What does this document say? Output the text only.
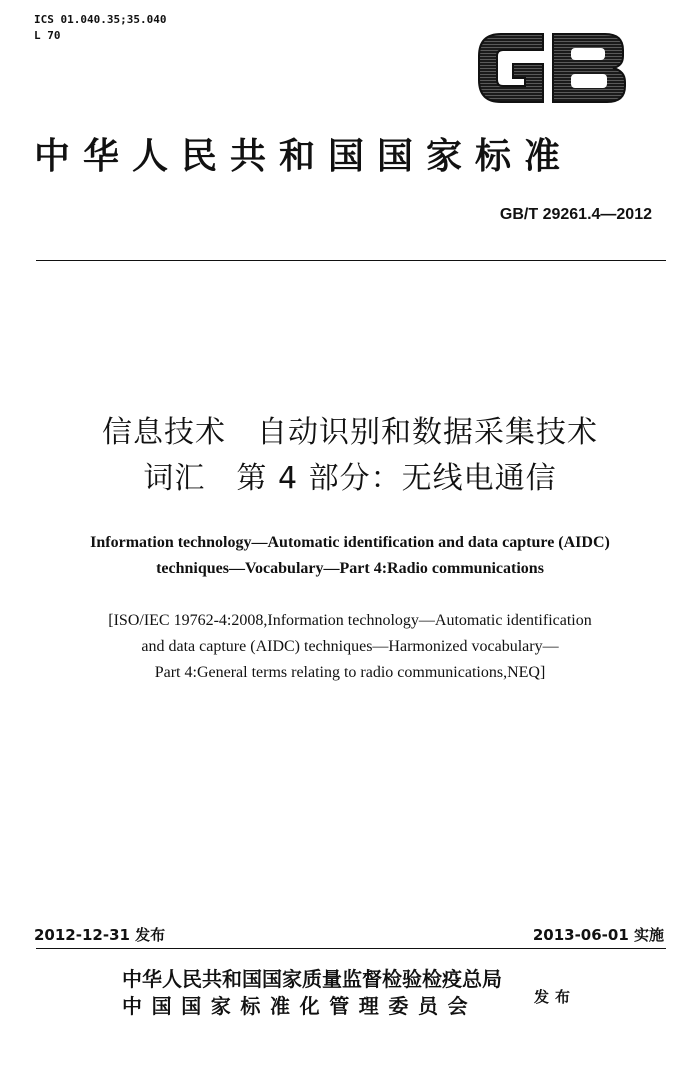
ICS 01.040.35;35.040
L 70
中华人民共和国国家标准
GB/T 29261.4—2012
信息技术　自动识别和数据采集技术
词汇　第 4 部分：无线电通信
Information technology—Automatic identification and data capture (AIDC)
techniques—Vocabulary—Part 4:Radio communications
[ISO/IEC 19762-4:2008,Information technology—Automatic identification
and data capture (AIDC) techniques—Harmonized vocabulary—
Part 4:General terms relating to radio communications,NEQ]
2012-12-31 发布	2013-06-01 实施
中华人民共和国国家质量监督检验检疫总局
中国国家标准化管理委员会	发布
